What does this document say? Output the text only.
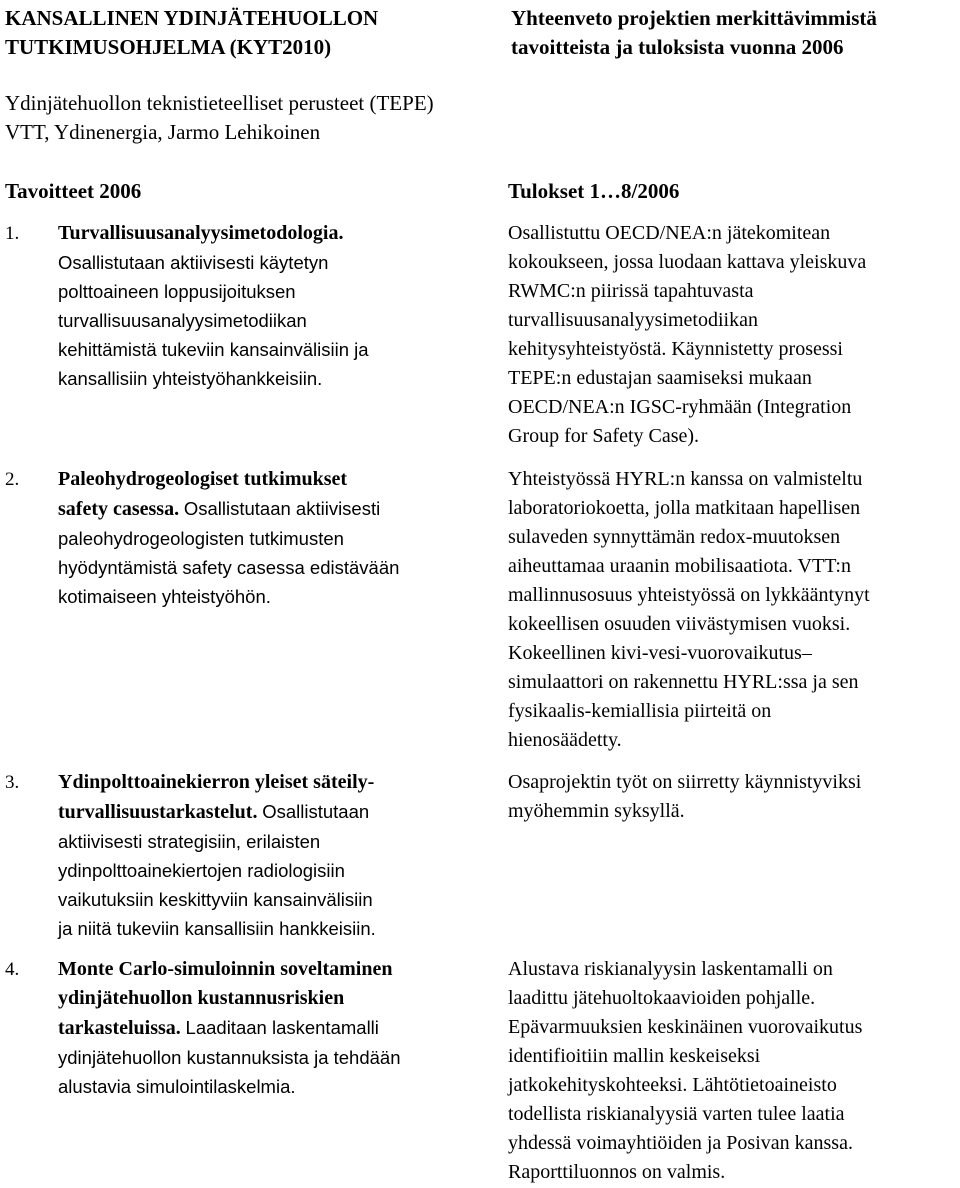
KANSALLINEN YDINJÄTEHUOLLON
TUTKIMUSOHJELMA (KYT2010)
Yhteenveto projektien merkittävimmistä
tavoitteista ja tuloksista vuonna 2006
Ydinjätehuollon teknistieteelliset perusteet (TEPE)
VTT, Ydinenergia, Jarmo Lehikoinen
Tavoitteet 2006	Tulokset 1…8/2006
1. Turvallisuusanalyysimetodologia.
Osallistutaan aktiivisesti käytetyn
polttoaineen loppusijoituksen
turvallisuusanalyysimetodiikan
kehittämistä tukeviin kansainvälisiin ja
kansallisiin yhteistyöhankkeisiin.
Osallistuttu OECD/NEA:n jätekomitean
kokoukseen, jossa luodaan kattava yleiskuva
RWMC:n piirissä tapahtuvasta
turvallisuusanalyysimetodiikan
kehitysyhteistyöstä. Käynnistetty prosessi
TEPE:n edustajan saamiseksi mukaan
OECD/NEA:n IGSC-ryhmään (Integration
Group for Safety Case).
2. Paleohydrogeologiset tutkimukset
safety casessa. Osallistutaan aktiivisesti
paleohydrogeologisten tutkimusten
hyödyntämistä safety casessa edistävään
kotimaiseen yhteistyöhön.
Yhteistyössä HYRL:n kanssa on valmisteltu
laboratoriokoetta, jolla matkitaan hapellisen
sulaveden synnyttämän redox-muutoksen
aiheuttamaa uraanin mobilisaatiota. VTT:n
mallinnusosuus yhteistyössä on lykkääntynyt
kokeellisen osuuden viivästymisen vuoksi.
Kokeellinen kivi-vesi-vuorovaikutus–
simulaattori on rakennettu HYRL:ssa ja sen
fysikaalis-kemiallisia piirteitä on
hienosäädetty.
3. Ydinpolttoainekierron yleiset säteily-
turvallisuustarkastelut. Osallistutaan
aktiivisesti strategisiin, erilaisten
ydinpolttoainekiertojen radiologisiin
vaikutuksiin keskittyviin kansainvälisiin
ja niitä tukeviin kansallisiin hankkeisiin.
Osaprojektin työt on siirretty käynnistyviksi
myöhemmin syksyllä.
4. Monte Carlo-simuloinnin soveltaminen
ydinjätehuollon kustannusriskien
tarkasteluissa. Laaditaan laskentamalli
ydinjätehuollon kustannuksista ja tehdään
alustavia simulointilaskelmia.
Alustava riskianalyysin laskentamalli on
laadittu jätehuoltokaavioiden pohjalle.
Epävarmuuksien keskinäinen vuorovaikutus
identifioitiin mallin keskeiseksi
jatkokehityskohteeksi. Lähtötietoaineisto
todellista riskianalyysiä varten tulee laatia
yhdessä voimayhtiöiden ja Posivan kanssa.
Raporttiluonnos on valmis.
